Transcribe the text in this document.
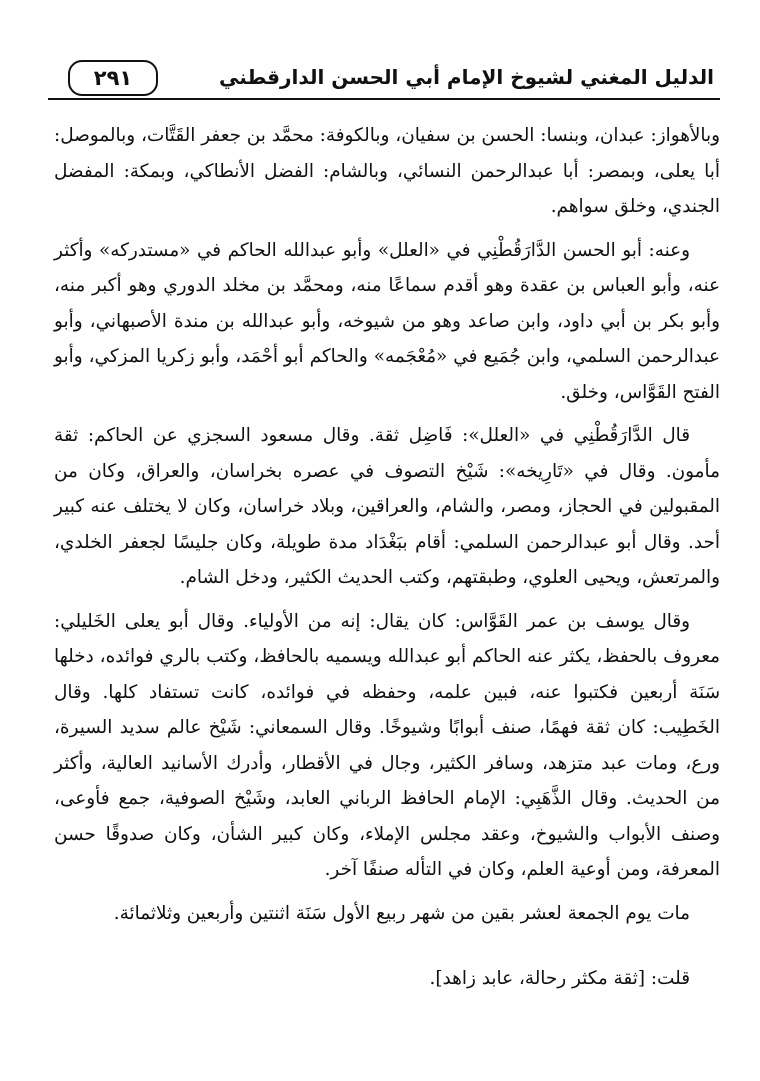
٢٩١	الدليل المغني لشيوخ الإمام أبي الحسن الدارقطني

وبالأهواز: عبدان، وبنسا: الحسن بن سفيان، وبالكوفة: محمَّد بن جعفر القَتَّات، وبالموصل: أبا يعلى، وبمصر: أبا عبدالرحمن النسائي، وبالشام: الفضل الأنطاكي، وبمكة: المفضل الجندي، وخلق سواهم.

وعنه: أبو الحسن الدَّارَقُطْنِي في «العلل» وأبو عبدالله الحاكم في «مستدركه» وأكثر عنه، وأبو العباس بن عقدة وهو أقدم سماعًا منه، ومحمَّد بن مخلد الدوري وهو أكبر منه، وأبو بكر بن أبي داود، وابن صاعد وهو من شيوخه، وأبو عبدالله بن مندة الأصبهاني، وأبو عبدالرحمن السلمي، وابن جُمَيع في «مُعْجَمه» والحاكم أبو أحْمَد، وأبو زكريا المزكي، وأبو الفتح القَوَّاس، وخلق.

قال الدَّارَقُطْنِي في «العلل»: فَاضِل ثقة. وقال مسعود السجزي عن الحاكم: ثقة مأمون. وقال في «تَارِيخه»: شَيْخ التصوف في عصره بخراسان، والعراق، وكان من المقبولين في الحجاز، ومصر، والشام، والعراقين، وبلاد خراسان، وكان لا يختلف عنه كبير أحد. وقال أبو عبدالرحمن السلمي: أقام ببَغْدَاد مدة طويلة، وكان جليسًا لجعفر الخلدي، والمرتعش، ويحيى العلوي، وطبقتهم، وكتب الحديث الكثير، ودخل الشام.

وقال يوسف بن عمر القَوَّاس: كان يقال: إنه من الأولياء. وقال أبو يعلى الخَليلي: معروف بالحفظ، يكثر عنه الحاكم أبو عبدالله ويسميه بالحافظ، وكتب بالري فوائده، دخلها سَنَة أربعين فكتبوا عنه، فبين علمه، وحفظه في فوائده، كانت تستفاد كلها. وقال الخَطِيب: كان ثقة فهمًا، صنف أبوابًا وشيوخًا. وقال السمعاني: شَيْخ عالم سديد السيرة، ورع، ومات عبد متزهد، وسافر الكثير، وجال في الأقطار، وأدرك الأسانيد العالية، وأكثر من الحديث. وقال الذَّهَبِي: الإمام الحافظ الرباني العابد، وشَيْخ الصوفية، جمع فأوعى، وصنف الأبواب والشيوخ، وعقد مجلس الإملاء، وكان كبير الشأن، وكان صدوقًا حسن المعرفة، ومن أوعية العلم، وكان في التأله صنفًا آخر.

مات يوم الجمعة لعشر بقين من شهر ربيع الأول سَنَة اثنتين وأربعين وثلاثمائة.

قلت: [ثقة مكثر رحالة، عابد زاهد].
